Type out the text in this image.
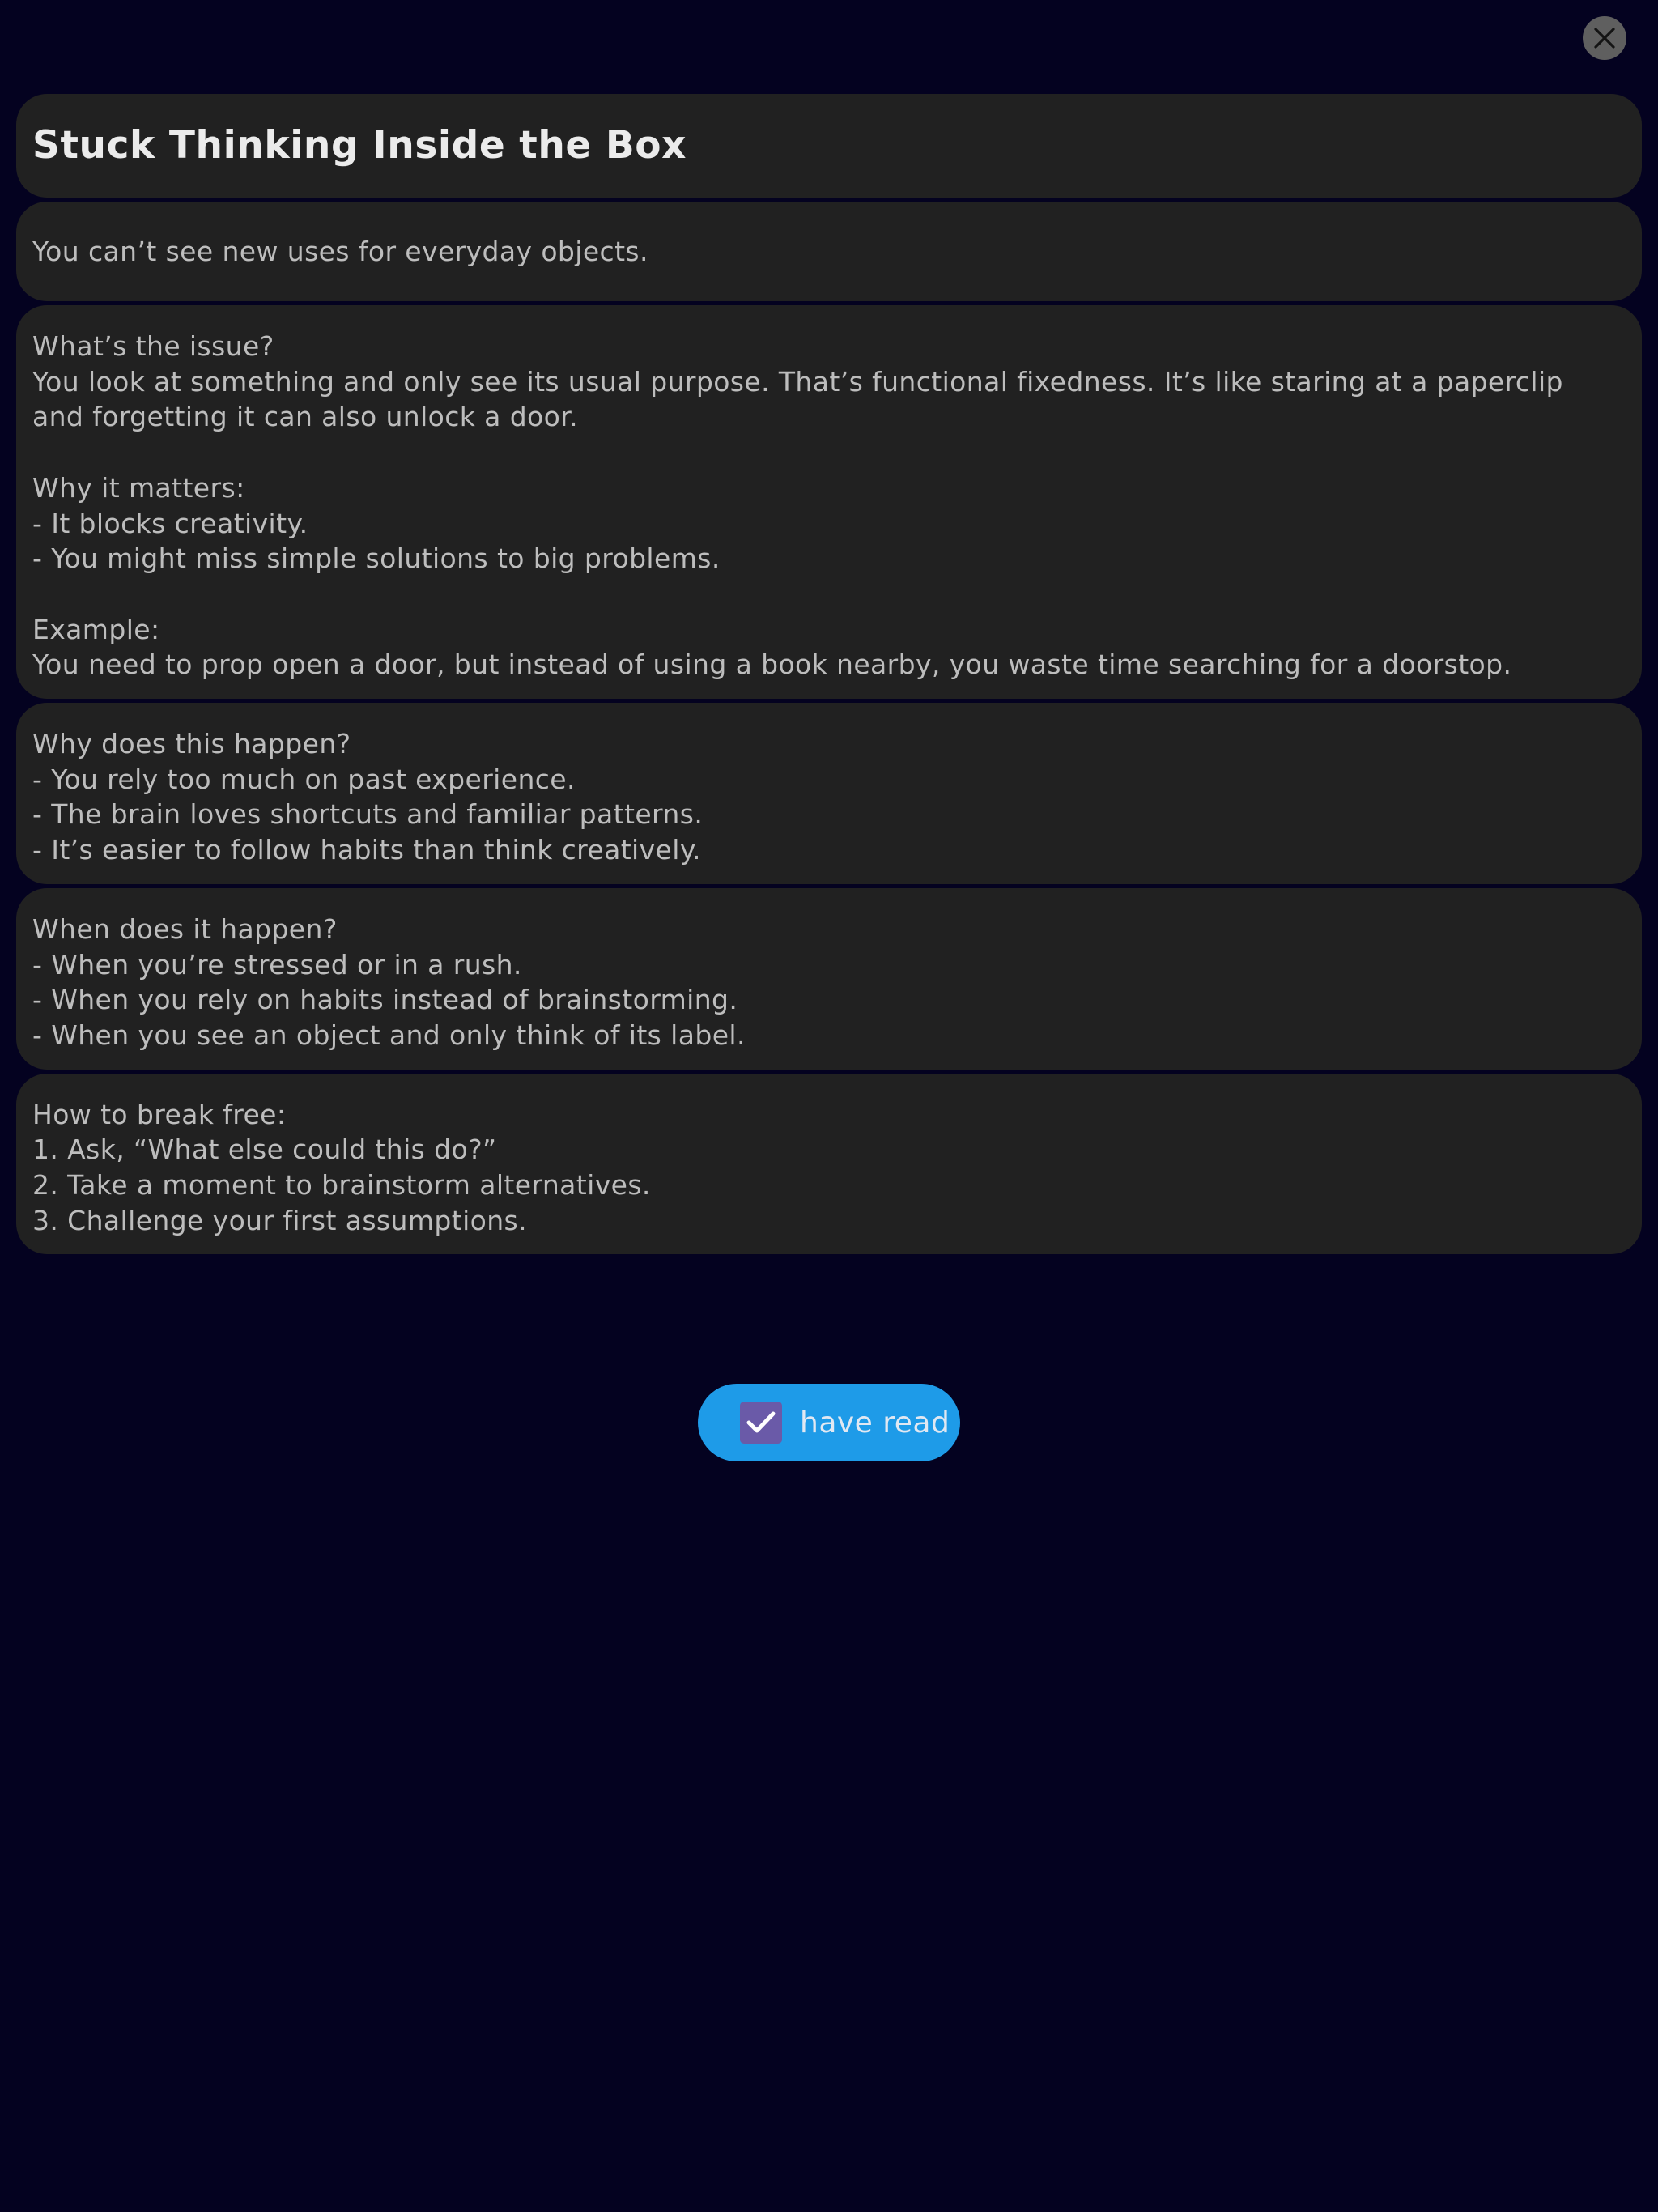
Stuck Thinking Inside the Box
You can’t see new uses for everyday objects.
What’s the issue?
You look at something and only see its usual purpose. That’s functional fixedness. It’s like staring at a paperclip
and forgetting it can also unlock a door.
Why it matters:
- It blocks creativity.
- You might miss simple solutions to big problems.
Example:
You need to prop open a door, but instead of using a book nearby, you waste time searching for a doorstop.
Why does this happen?
- You rely too much on past experience.
- The brain loves shortcuts and familiar patterns.
- It’s easier to follow habits than think creatively.
When does it happen?
- When you’re stressed or in a rush.
- When you rely on habits instead of brainstorming.
- When you see an object and only think of its label.
How to break free:
1. Ask, “What else could this do?”
2. Take a moment to brainstorm alternatives.
3. Challenge your first assumptions.
have read
